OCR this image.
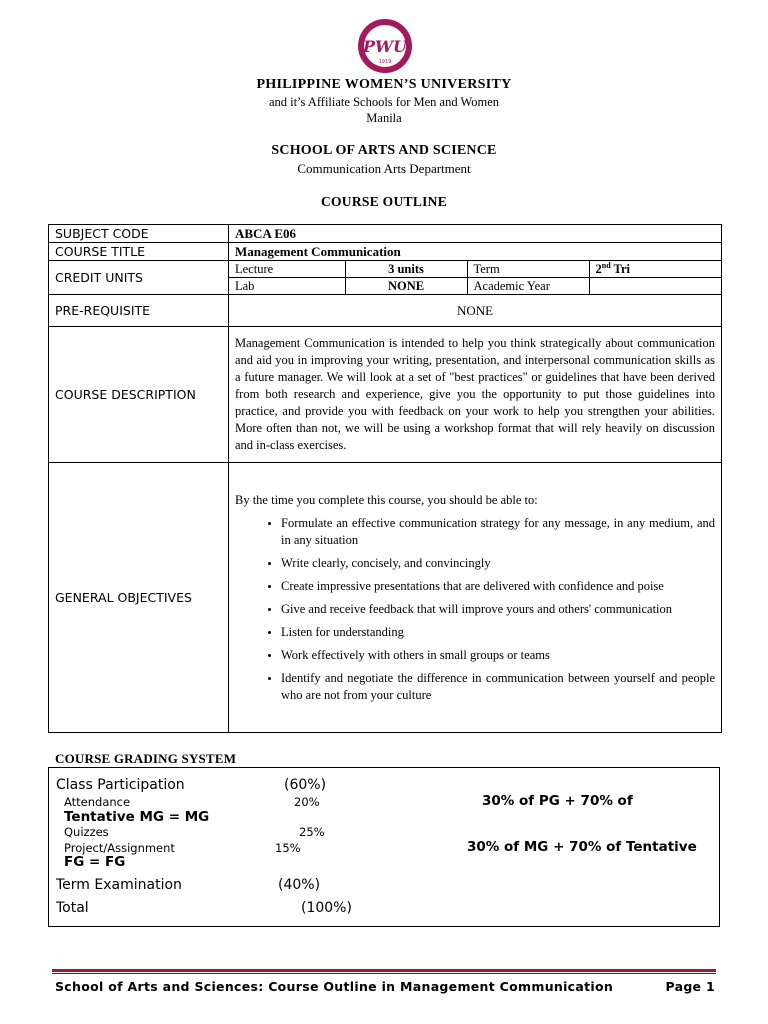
PWU
1919
PHILIPPINE WOMEN’S UNIVERSITY
and it’s Affiliate Schools for Men and Women
Manila
SCHOOL OF ARTS AND SCIENCE
Communication Arts Department
COURSE OUTLINE
SUBJECT CODE	ABCA E06
COURSE TITLE	Management Communication
CREDIT UNITS	
Lecture	3 units	Term	2nd Tri
Lab	NONE	Academic Year	

PRE-REQUISITE	NONE
COURSE DESCRIPTION	Management Communication is intended to help you think strategically about communication and aid you in improving your writing, presentation, and interpersonal communication skills as a future manager. We will look at a set of "best practices" or guidelines that have been derived from both research and experience, give you the opportunity to put those guidelines into practice, and provide you with feedback on your work to help you strengthen your abilities. More often than not, we will be using a workshop format that will rely heavily on discussion and in-class exercises.
GENERAL OBJECTIVES	
By the time you complete this course, you should be able to:
• Formulate an effective communication strategy for any message, in any medium, and in any situation
• Write clearly, concisely, and convincingly
• Create impressive presentations that are delivered with confidence and poise
• Give and receive feedback that will improve yours and others' communication
• Listen for understanding
• Work effectively with others in small groups or teams
• Identify and negotiate the difference in communication between yourself and people who are not from your culture
COURSE GRADING SYSTEM
Class Participation	(60%)
Attendance	20%	30% of PG + 70% of
Tentative MG = MG
Quizzes	25%
Project/Assignment	15%	30% of MG + 70% of Tentative
FG = FG
Term Examination	(40%)
Total	(100%)
School of Arts and Sciences: Course Outline in Management Communication	Page 1
